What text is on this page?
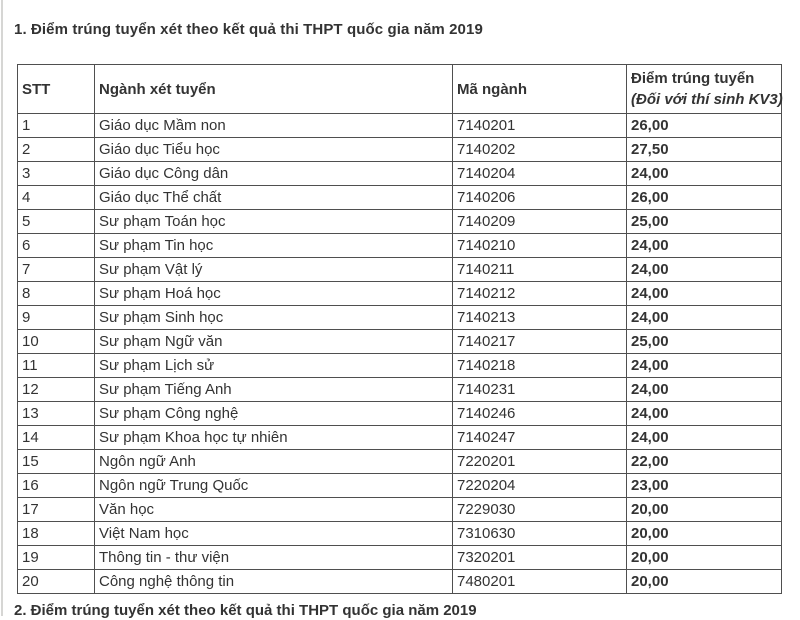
1. Điểm trúng tuyển xét theo kết quả thi THPT quốc gia năm 2019

STT	Ngành xét tuyển	Mã ngành	Điểm trúng tuyển
(Đối với thí sinh KV3)

1	Giáo dục Mầm non	7140201	26,00
2	Giáo dục Tiểu học	7140202	27,50
3	Giáo dục Công dân	7140204	24,00
4	Giáo dục Thể chất	7140206	26,00
5	Sư phạm Toán học	7140209	25,00
6	Sư phạm Tin học	7140210	24,00
7	Sư phạm Vật lý	7140211	24,00
8	Sư phạm Hoá học	7140212	24,00
9	Sư phạm Sinh học	7140213	24,00
10	Sư phạm Ngữ văn	7140217	25,00
11	Sư phạm Lịch sử	7140218	24,00
12	Sư phạm Tiếng Anh	7140231	24,00
13	Sư phạm Công nghệ	7140246	24,00
14	Sư phạm Khoa học tự nhiên	7140247	24,00
15	Ngôn ngữ Anh	7220201	22,00
16	Ngôn ngữ Trung Quốc	7220204	23,00
17	Văn học	7229030	20,00
18	Việt Nam học	7310630	20,00
19	Thông tin - thư viện	7320201	20,00
20	Công nghệ thông tin	7480201	20,00
2. Điểm trúng tuyển xét theo kết quả thi THPT quốc gia năm 2019
